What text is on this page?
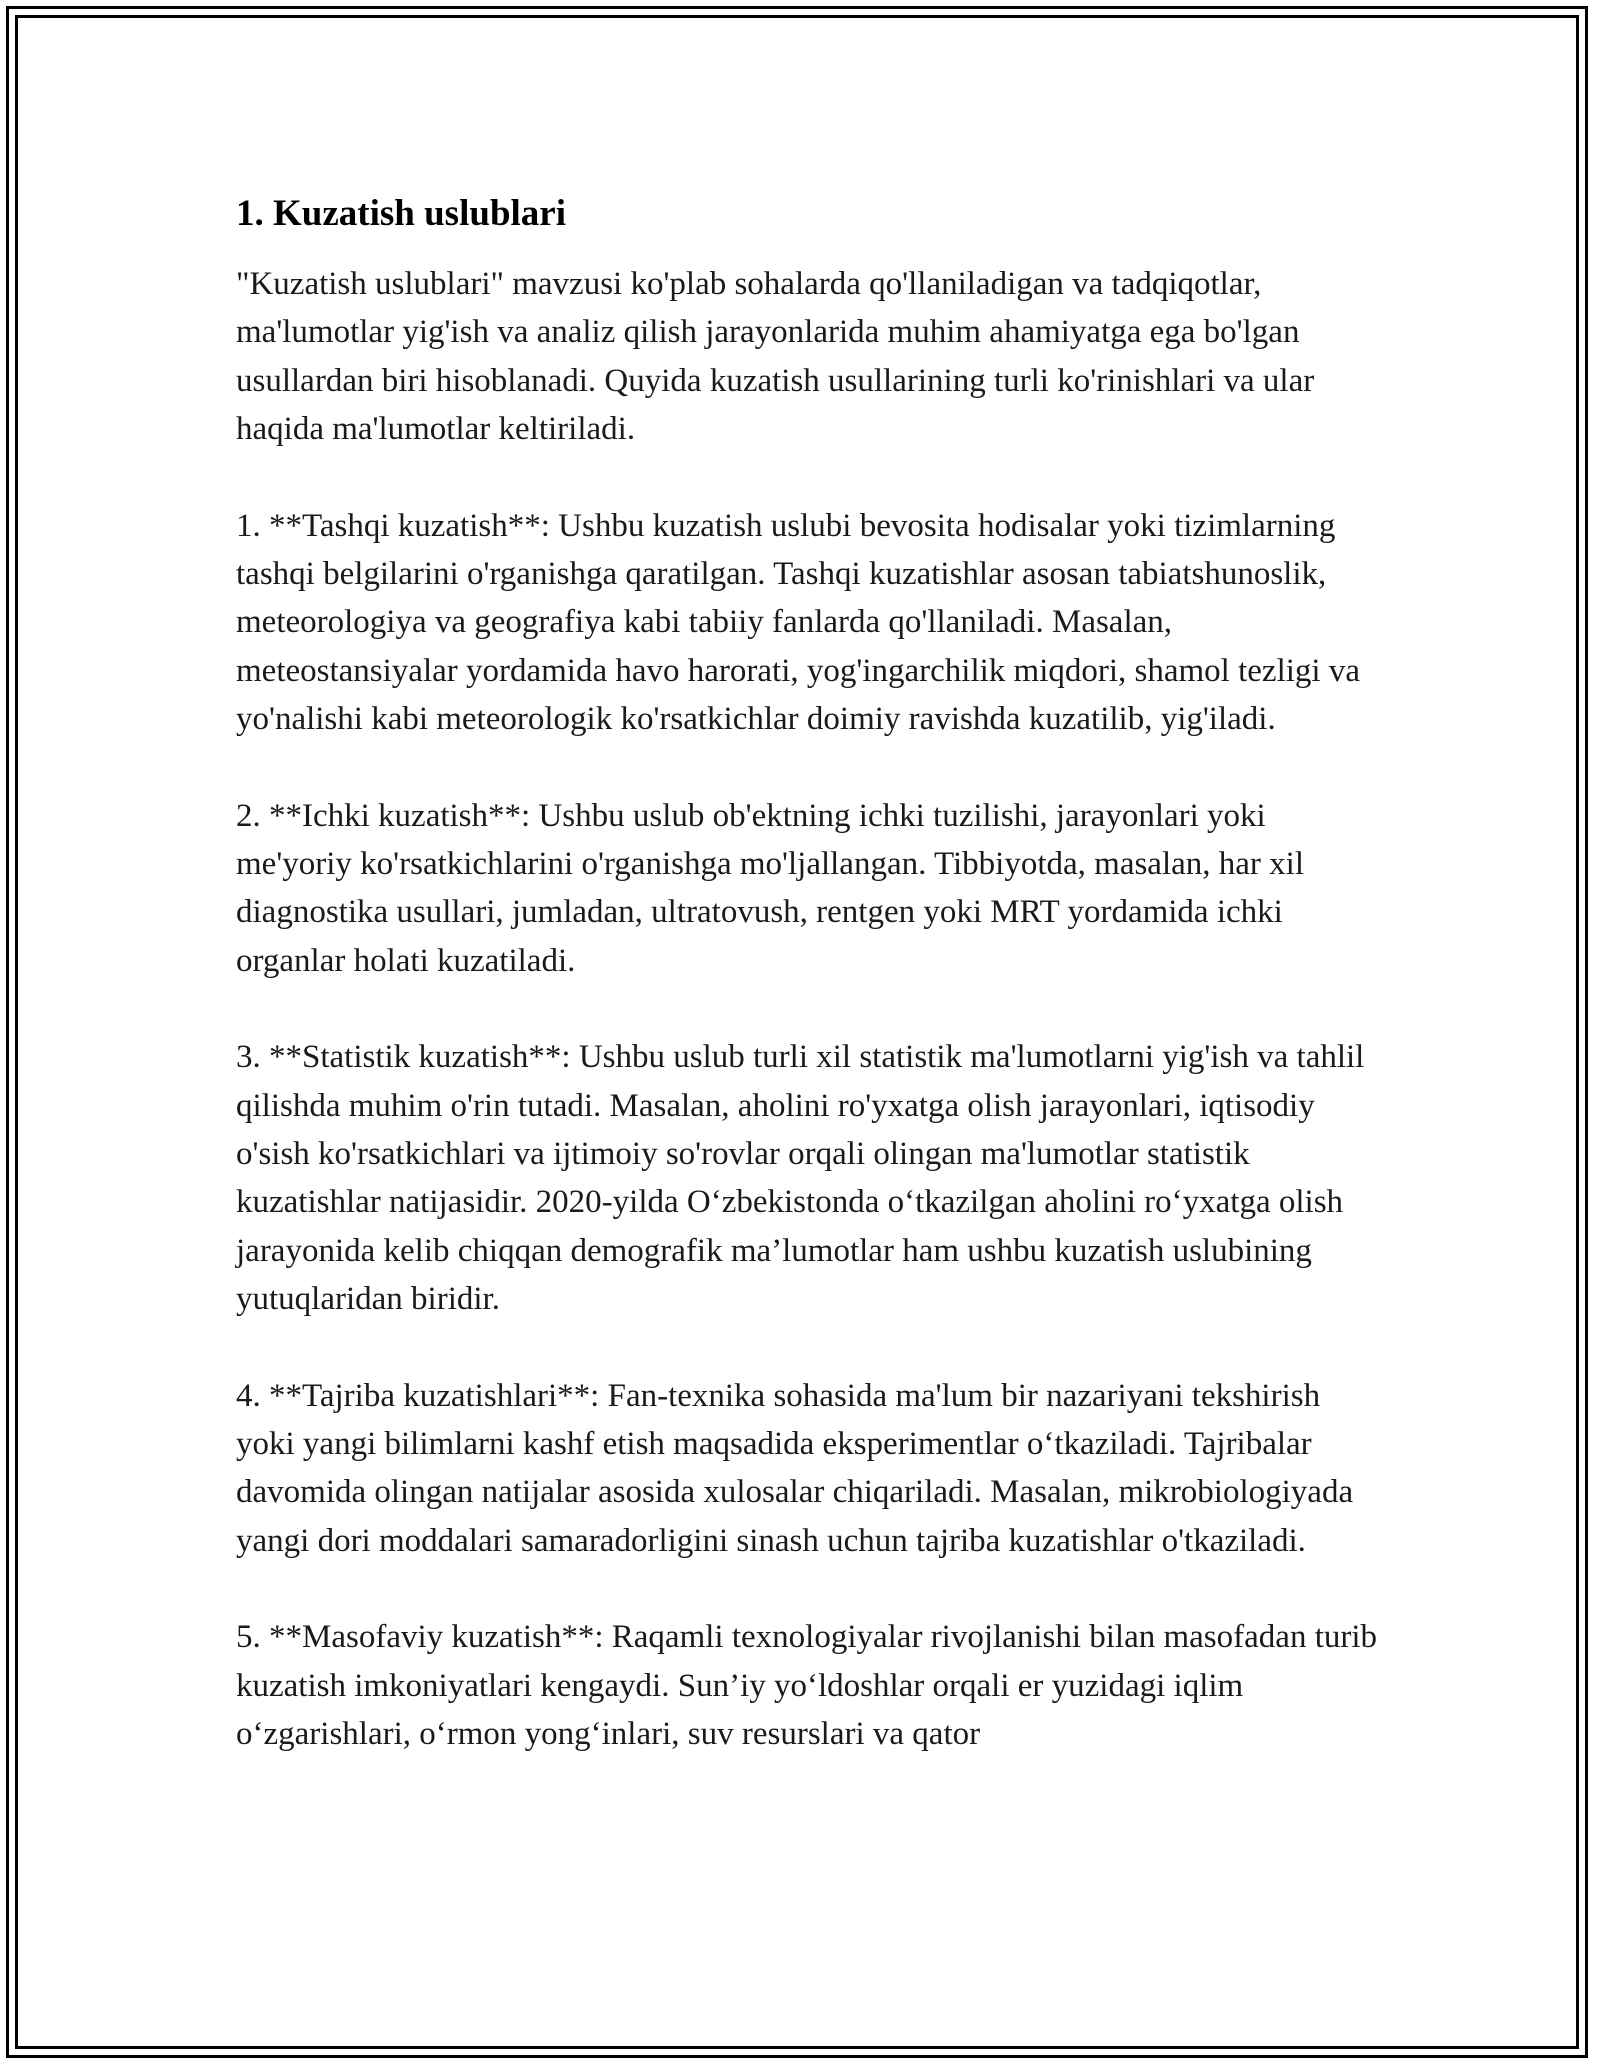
1. Kuzatish uslublari

"Kuzatish uslublari" mavzusi ko'plab sohalarda qo'llaniladigan va tadqiqotlar, ma'lumotlar yig'ish va analiz qilish jarayonlarida muhim ahamiyatga ega bo'lgan usullardan biri hisoblanadi. Quyida kuzatish usullarining turli ko'rinishlari va ular haqida ma'lumotlar keltiriladi.

1. **Tashqi kuzatish**: Ushbu kuzatish uslubi bevosita hodisalar yoki tizimlarning tashqi belgilarini o'rganishga qaratilgan. Tashqi kuzatishlar asosan tabiatshunoslik, meteorologiya va geografiya kabi tabiiy fanlarda qo'llaniladi. Masalan, meteostansiyalar yordamida havo harorati, yog'ingarchilik miqdori, shamol tezligi va yo'nalishi kabi meteorologik ko'rsatkichlar doimiy ravishda kuzatilib, yig'iladi.

2. **Ichki kuzatish**: Ushbu uslub ob'ektning ichki tuzilishi, jarayonlari yoki me'yoriy ko'rsatkichlarini o'rganishga mo'ljallangan. Tibbiyotda, masalan, har xil diagnostika usullari, jumladan, ultratovush, rentgen yoki MRT yordamida ichki organlar holati kuzatiladi.

3. **Statistik kuzatish**: Ushbu uslub turli xil statistik ma'lumotlarni yig'ish va tahlil qilishda muhim o'rin tutadi. Masalan, aholini ro'yxatga olish jarayonlari, iqtisodiy o'sish ko'rsatkichlari va ijtimoiy so'rovlar orqali olingan ma'lumotlar statistik kuzatishlar natijasidir. 2020-yilda O‘zbekistonda o‘tkazilgan aholini ro‘yxatga olish jarayonida kelib chiqqan demografik ma’lumotlar ham ushbu kuzatish uslubining yutuqlaridan biridir.

4. **Tajriba kuzatishlari**: Fan-texnika sohasida ma'lum bir nazariyani tekshirish yoki yangi bilimlarni kashf etish maqsadida eksperimentlar o‘tkaziladi. Tajribalar davomida olingan natijalar asosida xulosalar chiqariladi. Masalan, mikrobiologiyada yangi dori moddalari samaradorligini sinash uchun tajriba kuzatishlar o'tkaziladi.

5. **Masofaviy kuzatish**: Raqamli texnologiyalar rivojlanishi bilan masofadan turib kuzatish imkoniyatlari kengaydi. Sun’iy yo‘ldoshlar orqali er yuzidagi iqlim o‘zgarishlari, o‘rmon yong‘inlari, suv resurslari va qator
